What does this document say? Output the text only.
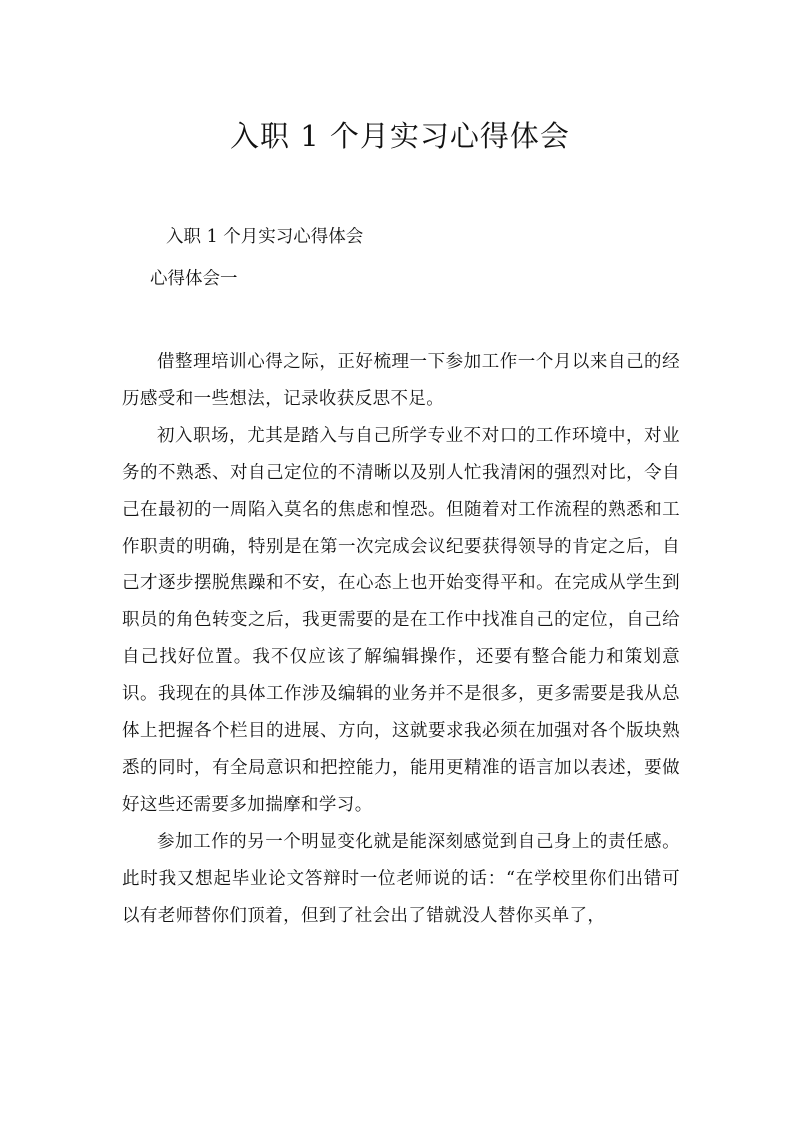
入职 1 个月实习心得体会
入职 1 个月实习心得体会
心得体会一

借整理培训心得之际，正好梳理一下参加工作一个月以来自己的经历感受和一些想法，记录收获反思不足。

初入职场，尤其是踏入与自己所学专业不对口的工作环境中，对业务的不熟悉、对自己定位的不清晰以及别人忙我清闲的强烈对比，令自己在最初的一周陷入莫名的焦虑和惶恐。但随着对工作流程的熟悉和工作职责的明确，特别是在第一次完成会议纪要获得领导的肯定之后，自己才逐步摆脱焦躁和不安，在心态上也开始变得平和。在完成从学生到职员的角色转变之后，我更需要的是在工作中找准自己的定位，自己给自己找好位置。我不仅应该了解编辑操作，还要有整合能力和策划意识。我现在的具体工作涉及编辑的业务并不是很多，更多需要是我从总体上把握各个栏目的进展、方向，这就要求我必须在加强对各个版块熟悉的同时，有全局意识和把控能力，能用更精准的语言加以表述，要做好这些还需要多加揣摩和学习。

参加工作的另一个明显变化就是能深刻感觉到自己身上的责任感。此时我又想起毕业论文答辩时一位老师说的话：“在学校里你们出错可以有老师替你们顶着，但到了社会出了错就没人替你买单了，
